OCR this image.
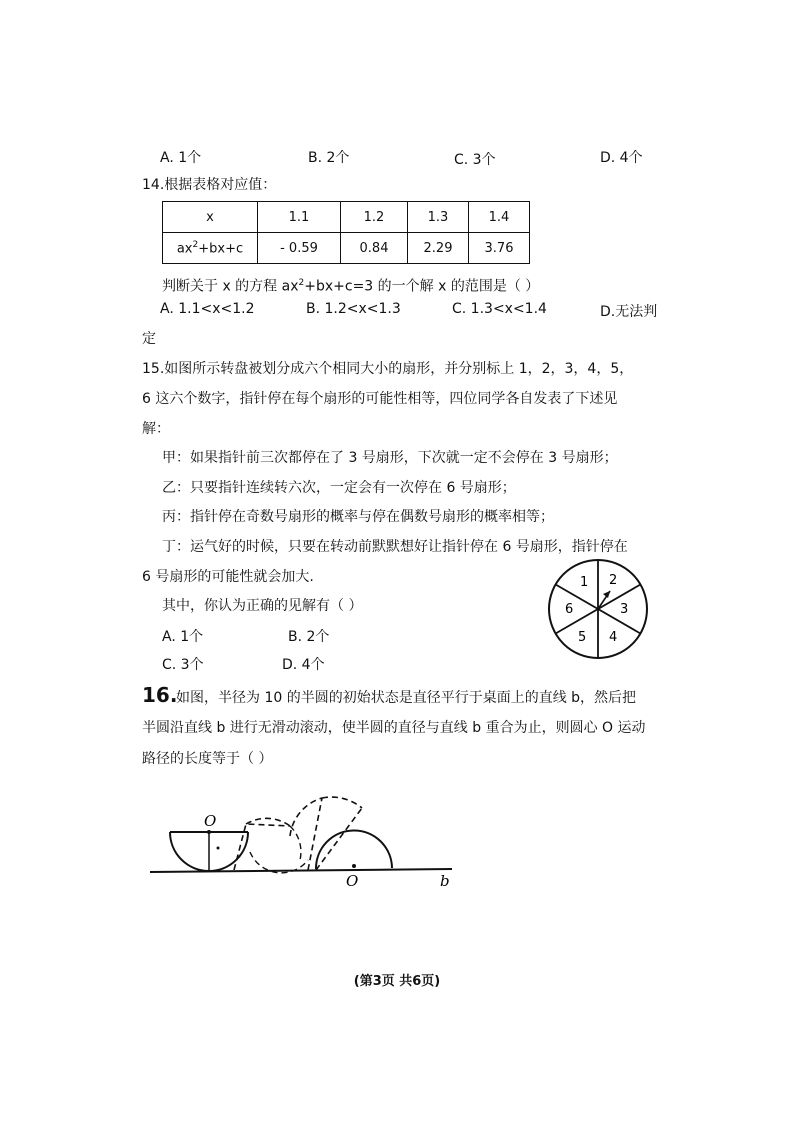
A. 1个	B. 2个	C. 3个	D. 4个
14.根据表格对应值：
x	1.1	1.2	1.3	1.4
$ax^2+bx+c$	- 0.59	0.84	2.29	3.76
判断关于 x 的方程 $ax^2+bx+c=3$ 的一个解 x 的范围是（ ）
A. 1.1<x<1.2	B. 1.2<x<1.3	C. 1.3<x<1.4	D.无法判
定
15.如图所示转盘被划分成六个相同大小的扇形，并分别标上 1，2，3，4，5，
6 这六个数字，指针停在每个扇形的可能性相等，四位同学各自发表了下述见
解：
甲：如果指针前三次都停在了 3 号扇形，下次就一定不会停在 3 号扇形；
乙：只要指针连续转六次，一定会有一次停在 6 号扇形；
丙：指针停在奇数号扇形的概率与停在偶数号扇形的概率相等；
丁：运气好的时候，只要在转动前默默想好让指针停在 6 号扇形，指针停在
6 号扇形的可能性就会加大.
其中，你认为正确的见解有（ ）
A. 1个	B. 2个
C. 3个	D. 4个
1 2
3
4
5
6
16.
如图，半径为 10 的半圆的初始状态是直径平行于桌面上的直线 b，然后把
半圆沿直线 b 进行无滑动滚动，使半圆的直径与直线 b 重合为止，则圆心 O 运动
路径的长度等于（ ）
O
O	b
(第3页 共6页)
